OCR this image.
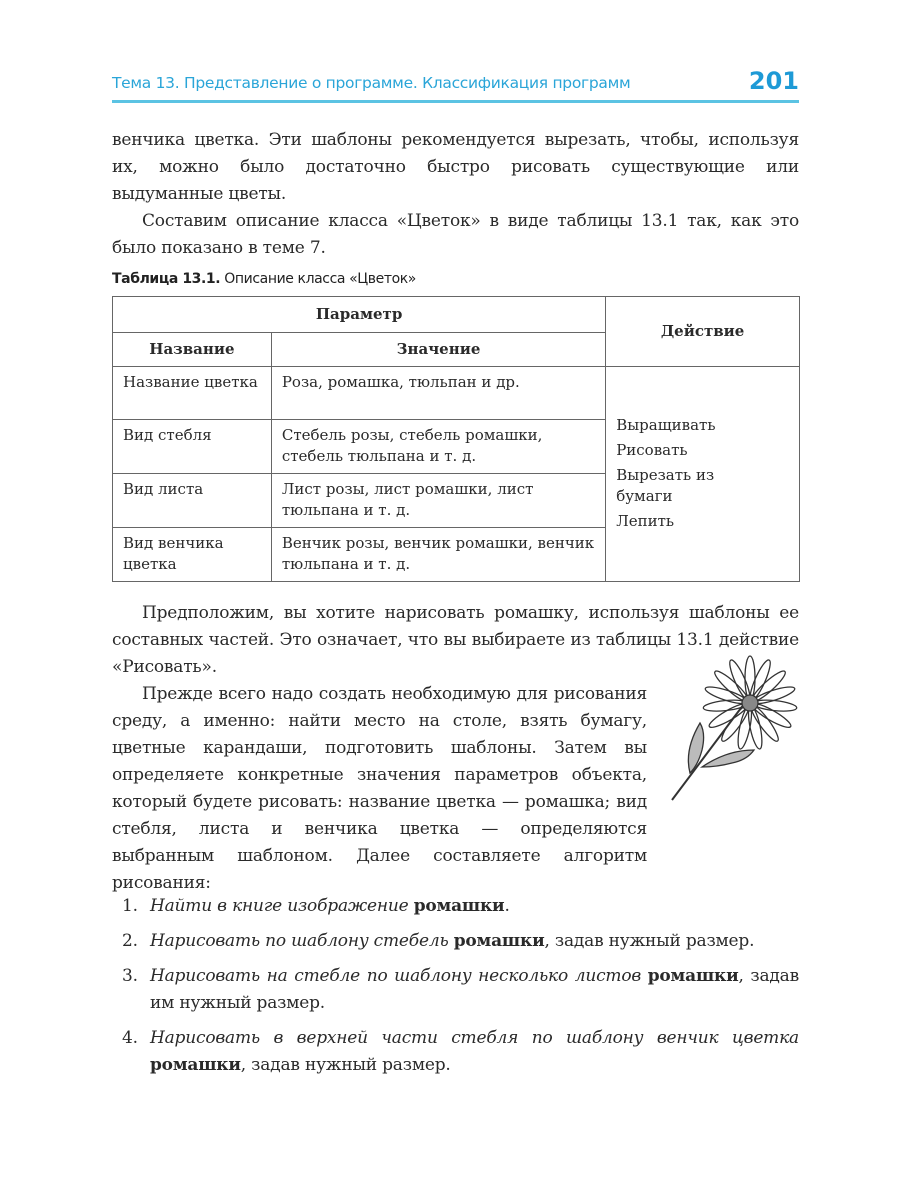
Тема 13. Представление о программе. Классификация программ	201

венчика цветка. Эти шаблоны рекомендуется вырезать, чтобы, используя их, можно было достаточно быстро рисовать существующие или выдуманные цветы.

Составим описание класса «Цветок» в виде таблицы 13.1 так, как это было показано в теме 7.

Таблица 13.1. Описание класса «Цветок»
Параметр		Действие
Название	Значение	
Название цветка	Роза, ромашка, тюльпан и др.	Выращивать
Рисовать
Вырезать из бумаги
Лепить

Вид стебля	Стебель розы, стебель ромашки, стебель тюльпана и т. д.	
Вид листа	Лист розы, лист ромашки, лист тюльпана и т. д.	
Вид венчика цветка	Венчик розы, венчик ромашки, венчик тюльпана и т. д.	

Предположим, вы хотите нарисовать ромашку, используя шаблоны ее составных частей. Это означает, что вы выбираете из таблицы 13.1 действие «Рисовать».

Прежде всего надо создать необходимую для рисования среду, а именно: найти место на столе, взять бумагу, цветные карандаши, подготовить шаблоны. Затем вы определяете конкретные значения параметров объекта, который будете рисовать: название цветка — ромашка; вид стебля, листа и венчика цветка — определяются выбранным шаблоном. Далее составляете алгоритм рисования:

1. Найти в книге изображение ромашки.
2. Нарисовать по шаблону стебель ромашки, задав нужный размер.
3. Нарисовать на стебле по шаблону несколько листов ромашки, задав им нужный размер.
4. Нарисовать в верхней части стебля по шаблону венчик цветка ромашки, задав нужный размер.
